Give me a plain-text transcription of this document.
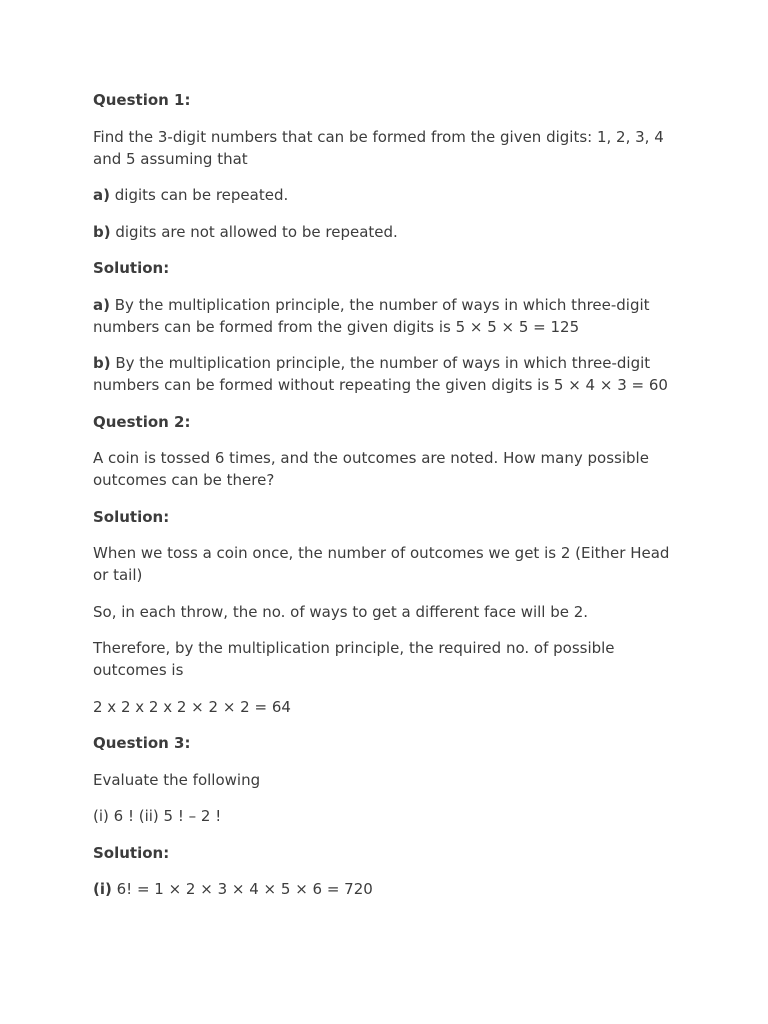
Question 1:

Find the 3-digit numbers that can be formed from the given digits: 1, 2, 3, 4 and 5 assuming that

a) digits can be repeated.

b) digits are not allowed to be repeated.

Solution:

a) By the multiplication principle, the number of ways in which three-digit numbers can be formed from the given digits is 5 × 5 × 5 = 125

b) By the multiplication principle, the number of ways in which three-digit numbers can be formed without repeating the given digits is 5 × 4 × 3 = 60

Question 2:

A coin is tossed 6 times, and the outcomes are noted. How many possible outcomes can be there?

Solution:

When we toss a coin once, the number of outcomes we get is 2 (Either Head or tail)

So, in each throw, the no. of ways to get a different face will be 2.

Therefore, by the multiplication principle, the required no. of possible outcomes is

2 x 2 x 2 x 2 × 2 × 2 = 64

Question 3:

Evaluate the following

(i) 6 ! (ii) 5 ! – 2 !

Solution:

(i) 6! = 1 × 2 × 3 × 4 × 5 × 6 = 720
